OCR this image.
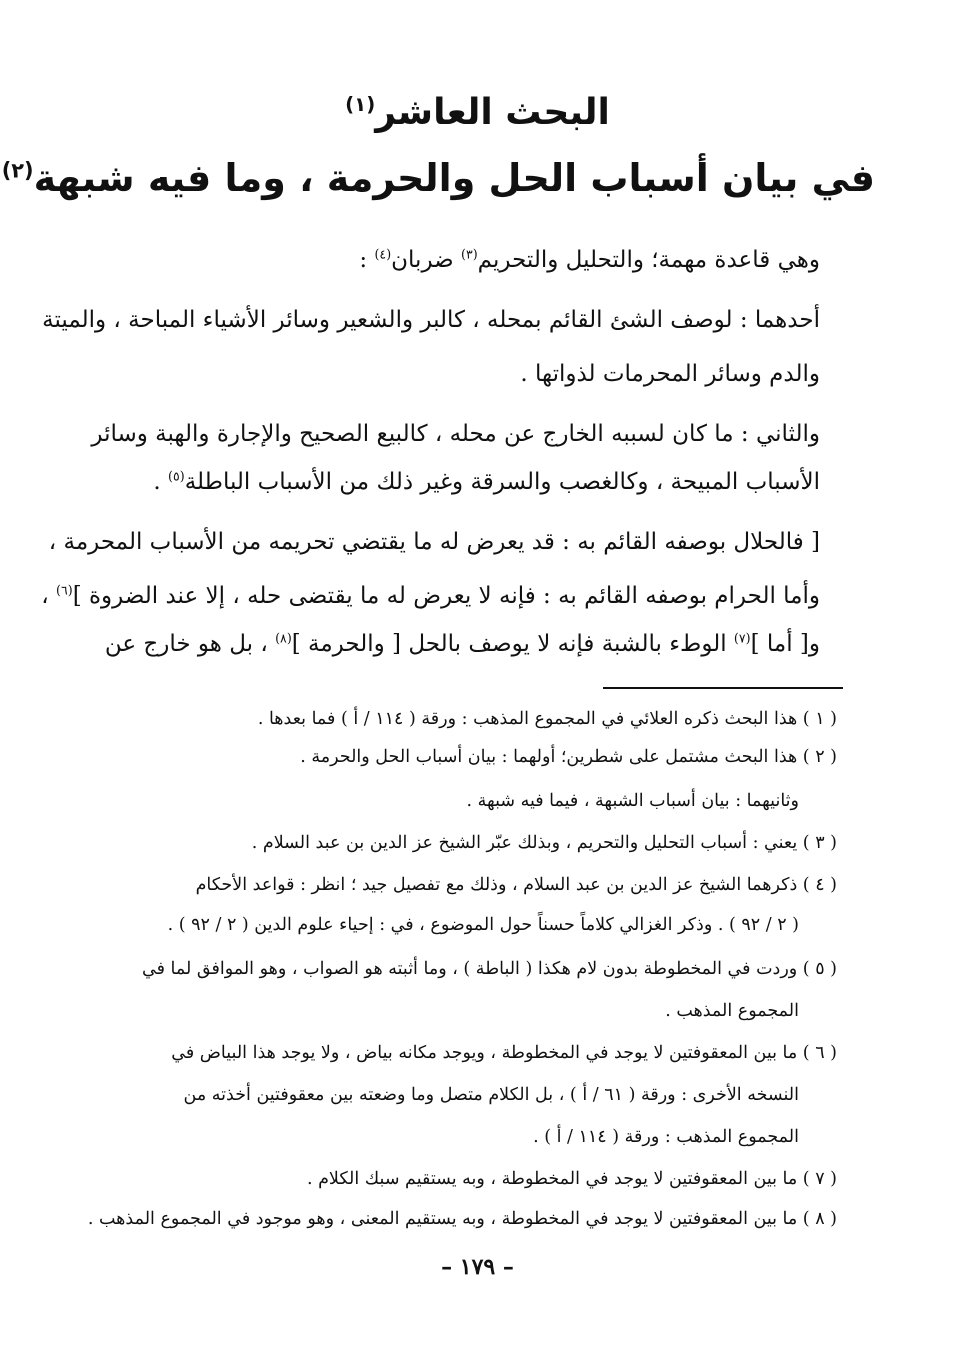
البحث العاشر$^{(١)}$
في بيان أسباب الحل والحرمة ، وما فيه شبهة$^{(٢)}$
وهي قاعدة مهمة؛ والتحليل والتحريم$^{(٣)}$ ضربان$^{(٤)}$ :
أحدهما : لوصف الشئ القائم بمحله ، كالبر والشعير وسائر الأشياء المباحة ، والميتة
والدم وسائر المحرمات لذواتها .
والثاني : ما كان لسببه الخارج عن محله ، كالبيع الصحيح والإجارة والهبة وسائر
الأسباب المبيحة ، وكالغصب والسرقة وغير ذلك من الأسباب الباطلة$^{(٥)}$ .
[ فالحلال بوصفه القائم به : قد يعرض له ما يقتضي تحريمه من الأسباب المحرمة ،
وأما الحرام بوصفه القائم به : فإنه لا يعرض له ما يقتضى حله ، إلا عند الضروة ]$^{(٦)}$ ،
و[ أما ]$^{(٧)}$ الوطء بالشبة فإنه لا يوصف بالحل [ والحرمة ]$^{(٨)}$ ، بل هو خارج عن
( ١ ) هذا البحث ذكره العلائي في المجموع المذهب : ورقة ( ١١٤ / أ ) فما بعدها .
( ٢ ) هذا البحث مشتمل على شطرين؛ أولهما : بيان أسباب الحل والحرمة .
وثانيهما : بيان أسباب الشبهة ، فيما فيه شبهة .
( ٣ ) يعني : أسباب التحليل والتحريم ، وبذلك عبّر الشيخ عز الدين بن عبد السلام .
( ٤ ) ذكرهما الشيخ عز الدين بن عبد السلام ، وذلك مع تفصيل جيد ؛ انظر : قواعد الأحكام
( ٢ / ٩٢ ) . وذكر الغزالي كلاماً حسناً حول الموضوع ، في : إحياء علوم الدين ( ٢ / ٩٢ ) .
( ٥ ) وردت في المخطوطة بدون لام هكذا ( الباطة ) ، وما أثبته هو الصواب ، وهو الموافق لما في
المجموع المذهب .
( ٦ ) ما بين المعقوفتين لا يوجد في المخطوطة ، ويوجد مكانه بياض ، ولا يوجد هذا البياض في
النسخه الأخرى : ورقة ( ٦١ / أ ) ، بل الكلام متصل وما وضعته بين معقوفتين أخذته من
المجموع المذهب : ورقة ( ١١٤ / أ ) .
( ٧ ) ما بين المعقوفتين لا يوجد في المخطوطة ، وبه يستقيم سبك الكلام .
( ٨ ) ما بين المعقوفتين لا يوجد في المخطوطة ، وبه يستقيم المعنى ، وهو موجود في المجموع المذهب .
– ١٧٩ –
